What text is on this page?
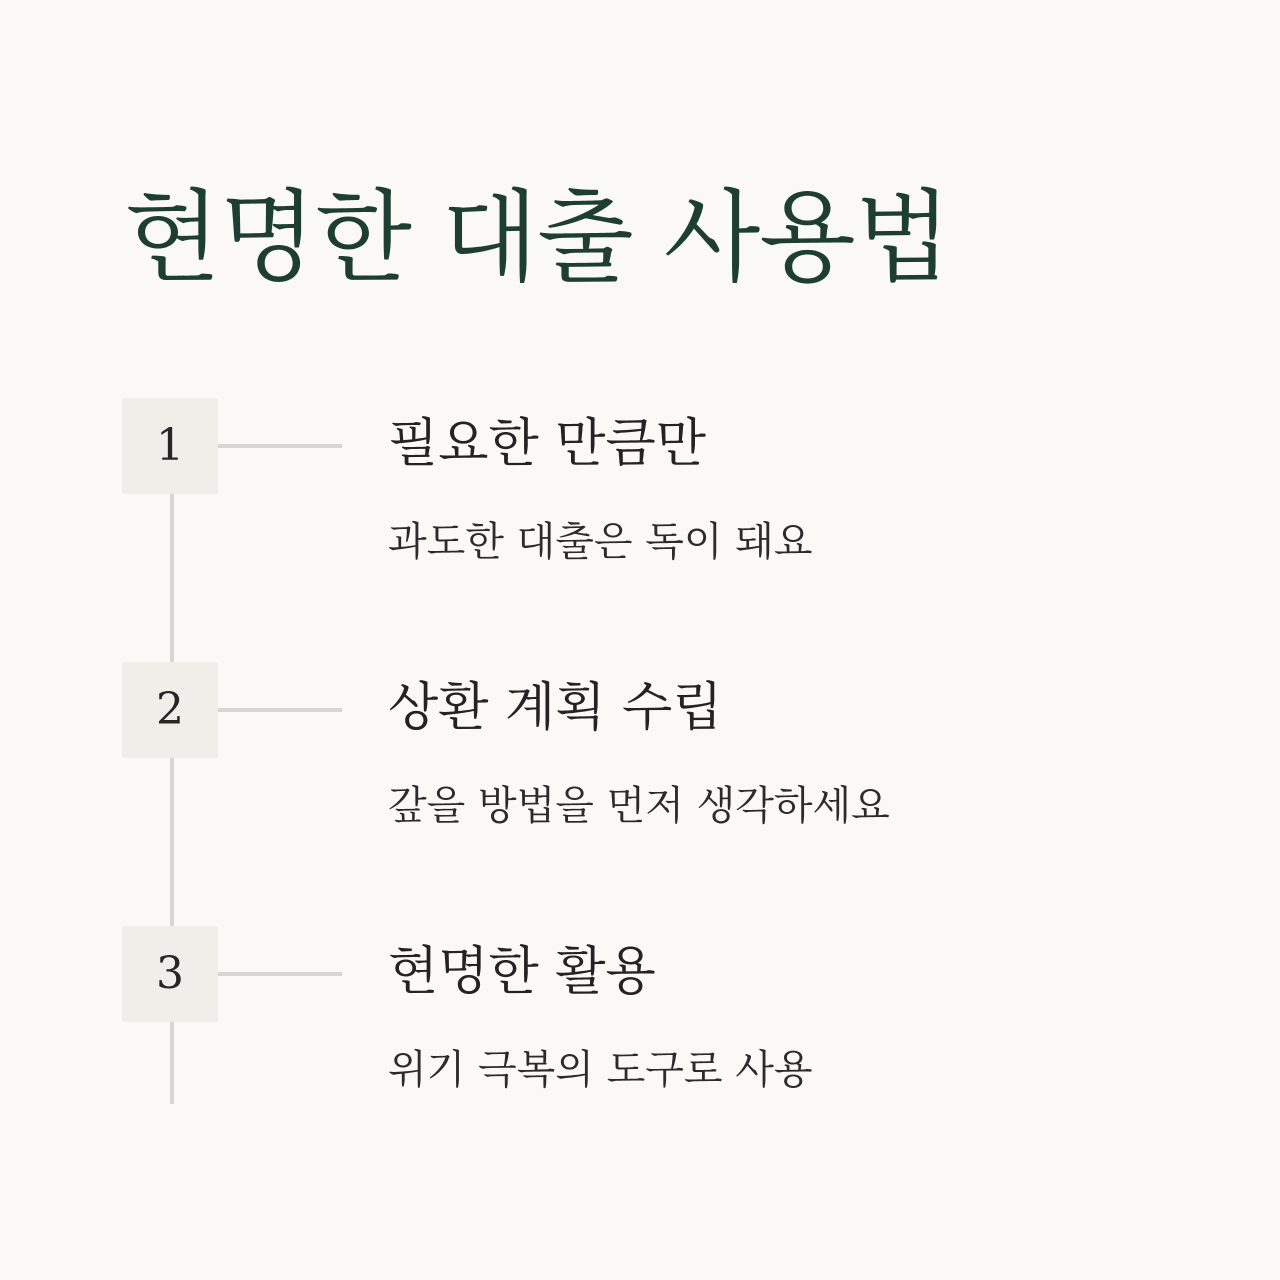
현명한 대출 사용법
1	필요한 만큼만
과도한 대출은 독이 돼요
2	상환 계획 수립
갚을 방법을 먼저 생각하세요
3	현명한 활용
위기 극복의 도구로 사용
